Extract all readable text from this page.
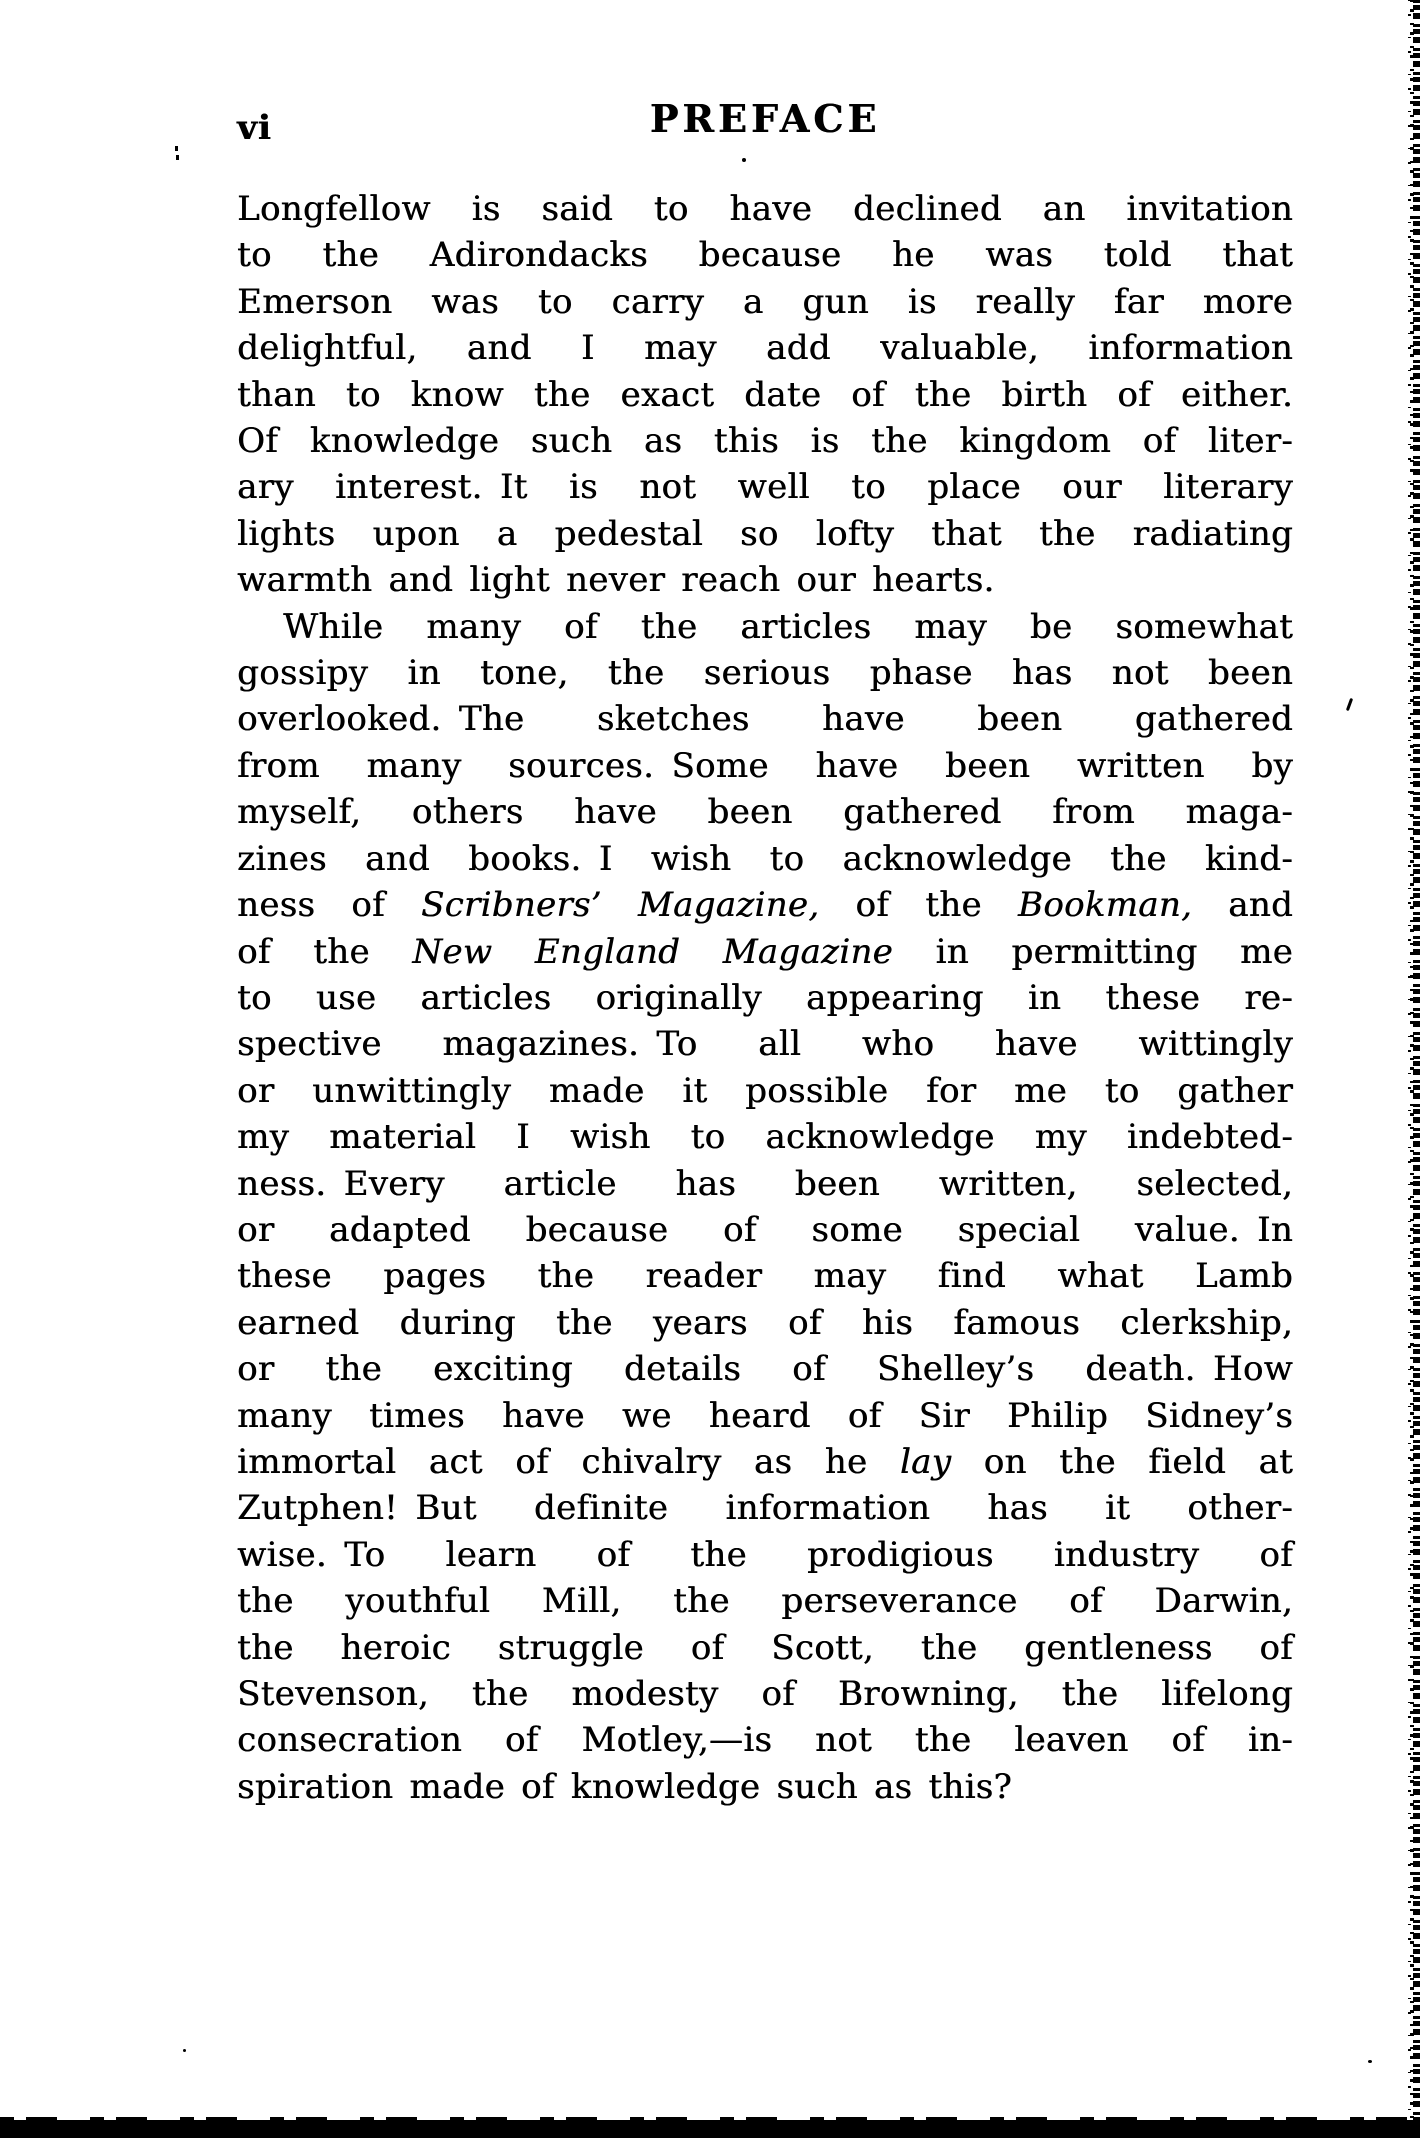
vi	PREFACE
Longfellow is said to have declined an invitation
to the Adirondacks because he was told that
Emerson was to carry a gun is really far more
delightful, and I may add valuable, information
than to know the exact date of the birth of either.
Of knowledge such as this is the kingdom of liter-
ary interest. It is not well to place our literary
lights upon a pedestal so lofty that the radiating
warmth and light never reach our hearts.
While many of the articles may be somewhat
gossipy in tone, the serious phase has not been
overlooked. The sketches have been gathered
from many sources. Some have been written by
myself, others have been gathered from maga-
zines and books. I wish to acknowledge the kind-
ness of Scribners’ Magazine, of the Bookman, and
of the New England Magazine in permitting me
to use articles originally appearing in these re-
spective magazines. To all who have wittingly
or unwittingly made it possible for me to gather
my material I wish to acknowledge my indebted-
ness. Every article has been written, selected,
or adapted because of some special value. In
these pages the reader may find what Lamb
earned during the years of his famous clerkship,
or the exciting details of Shelley’s death. How
many times have we heard of Sir Philip Sidney’s
immortal act of chivalry as he lay on the field at
Zutphen! But definite information has it other-
wise. To learn of the prodigious industry of
the youthful Mill, the perseverance of Darwin,
the heroic struggle of Scott, the gentleness of
Stevenson, the modesty of Browning, the lifelong
consecration of Motley,—is not the leaven of in-
spiration made of knowledge such as this?
